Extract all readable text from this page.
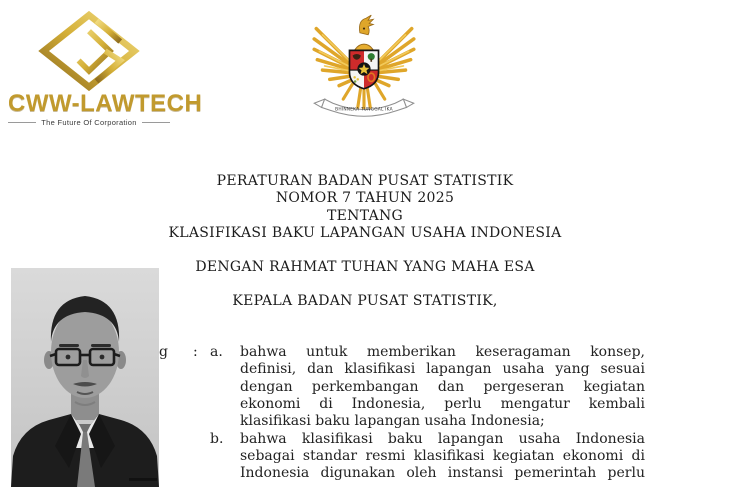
CWW-LAWTECH
The Future Of Corporation
BHINNEKA TUNGGAL IKA
PERATURAN BADAN PUSAT STATISTIK
NOMOR 7 TAHUN 2025
TENTANG
KLASIFIKASI BAKU LAPANGAN USAHA INDONESIA
DENGAN RAHMAT TUHAN YANG MAHA ESA
KEPALA BADAN PUSAT STATISTIK,
g	: a.	bahwa untuk memberikan keseragaman konsep,
definisi, dan klasifikasi lapangan usaha yang sesuai
dengan perkembangan dan pergeseran kegiatan
ekonomi di Indonesia, perlu mengatur kembali
klasifikasi baku lapangan usaha Indonesia;
b.	bahwa klasifikasi baku lapangan usaha Indonesia
sebagai standar resmi klasifikasi kegiatan ekonomi di
Indonesia digunakan oleh instansi pemerintah perlu
